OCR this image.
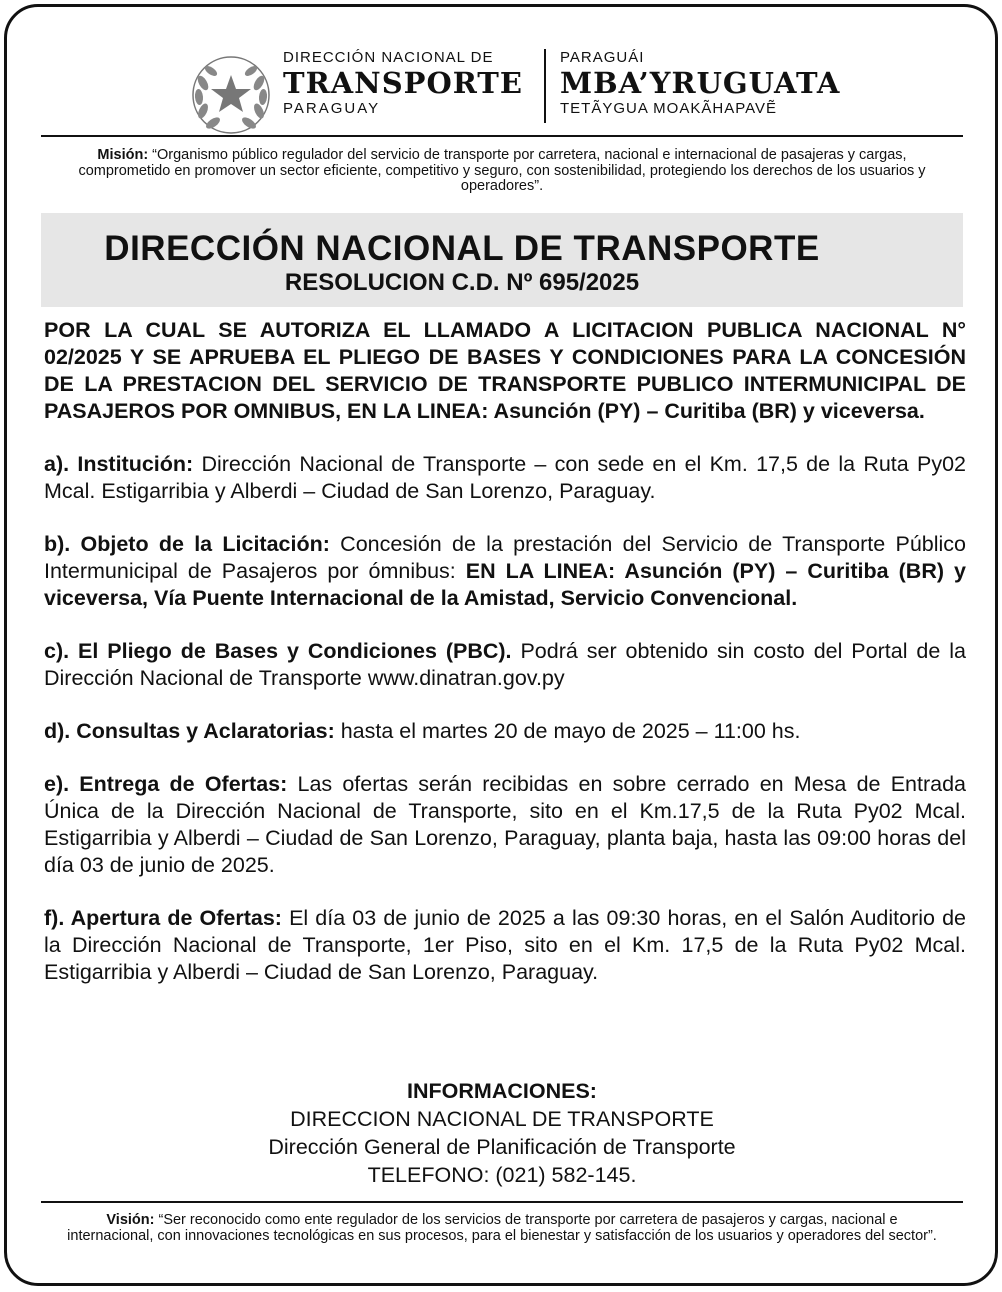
DIRECCIÓN NACIONAL DE
TRANSPORTE
PARAGUAY
PARAGUÁI
MBA’YRUGUATA
TETÃYGUA MOAKÃHAPAVẼ
Misión: “Organismo público regulador del servicio de transporte por carretera, nacional e internacional de pasajeras y cargas, comprometido en promover un sector eficiente, competitivo y seguro, con sostenibilidad, protegiendo los derechos de los usuarios y operadores”.
DIRECCIÓN NACIONAL DE TRANSPORTE
RESOLUCION C.D. Nº 695/2025
POR LA CUAL SE AUTORIZA EL LLAMADO A LICITACION PUBLICA NACIONAL N° 02/2025 Y SE APRUEBA EL PLIEGO DE BASES Y CONDICIONES PARA LA CONCESIÓN DE LA PRESTACION DEL SERVICIO DE TRANSPORTE PUBLICO INTERMUNICIPAL DE PASAJEROS POR OMNIBUS, EN LA LINEA: Asunción (PY) – Curitiba (BR) y viceversa.
a). Institución: Dirección Nacional de Transporte – con sede en el Km. 17,5 de la Ruta Py02 Mcal. Estigarribia y Alberdi – Ciudad de San Lorenzo, Paraguay.
b). Objeto de la Licitación: Concesión de la prestación del Servicio de Transporte Público Intermunicipal de Pasajeros por ómnibus: EN LA LINEA: Asunción (PY) – Curitiba (BR) y viceversa, Vía Puente Internacional de la Amistad, Servicio Convencional.
c). El Pliego de Bases y Condiciones (PBC). Podrá ser obtenido sin costo del Portal de la Dirección Nacional de Transporte www.dinatran.gov.py
d). Consultas y Aclaratorias: hasta el martes 20 de mayo de 2025 – 11:00 hs.
e). Entrega de Ofertas: Las ofertas serán recibidas en sobre cerrado en Mesa de Entrada Única de la Dirección Nacional de Transporte, sito en el Km.17,5 de la Ruta Py02 Mcal. Estigarribia y Alberdi – Ciudad de San Lorenzo, Paraguay, planta baja, hasta las 09:00 horas del día 03 de junio de 2025.
f). Apertura de Ofertas: El día 03 de junio de 2025 a las 09:30 horas, en el Salón Auditorio de la Dirección Nacional de Transporte, 1er Piso, sito en el Km. 17,5 de la Ruta Py02 Mcal. Estigarribia y Alberdi – Ciudad de San Lorenzo, Paraguay.
INFORMACIONES:
DIRECCION NACIONAL DE TRANSPORTE
Dirección General de Planificación de Transporte
TELEFONO: (021) 582-145.
Visión: “Ser reconocido como ente regulador de los servicios de transporte por carretera de pasajeros y cargas, nacional e internacional, con innovaciones tecnológicas en sus procesos, para el bienestar y satisfacción de los usuarios y operadores del sector”.
